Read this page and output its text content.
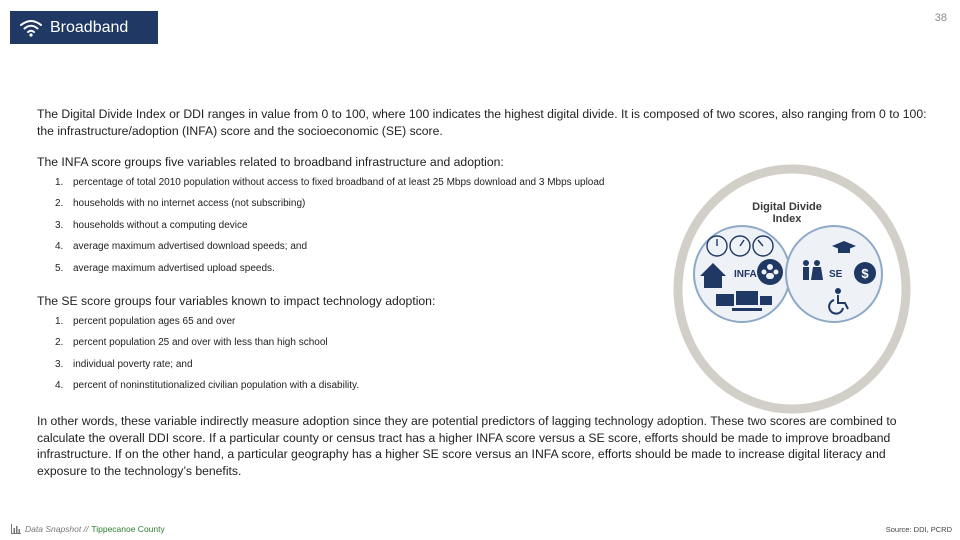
Broadband
38
The Digital Divide Index or DDI ranges in value from 0 to 100, where 100 indicates the highest digital divide. It is composed of two scores, also ranging from 0 to 100: the infrastructure/adoption (INFA) score and the socioeconomic (SE) score.
The INFA score groups five variables related to broadband infrastructure and adoption:
1. percentage of total 2010 population without access to fixed broadband of at least 25 Mbps download and 3 Mbps upload
2. households with no internet access (not subscribing)
3. households without a computing device
4. average maximum advertised download speeds; and
5. average maximum advertised upload speeds.
The SE score groups four variables known to impact technology adoption:
1. percent population ages 65 and over
2. percent population 25 and over with less than high school
3. individual poverty rate; and
4. percent of noninstitutionalized civilian population with a disability.
Digital Divide
Index
INFA	SE $
In other words, these variable indirectly measure adoption since they are potential predictors of lagging technology adoption. These two scores are combined to calculate the overall DDI score. If a particular county or census tract has a higher INFA score versus a SE score, efforts should be made to improve broadband infrastructure. If on the other hand, a particular geography has a higher SE score versus an INFA score, efforts should be made to increase digital literacy and exposure to the technology’s benefits.
Data Snapshot
// Tippecanoe County	Source: DDI, PCRD
